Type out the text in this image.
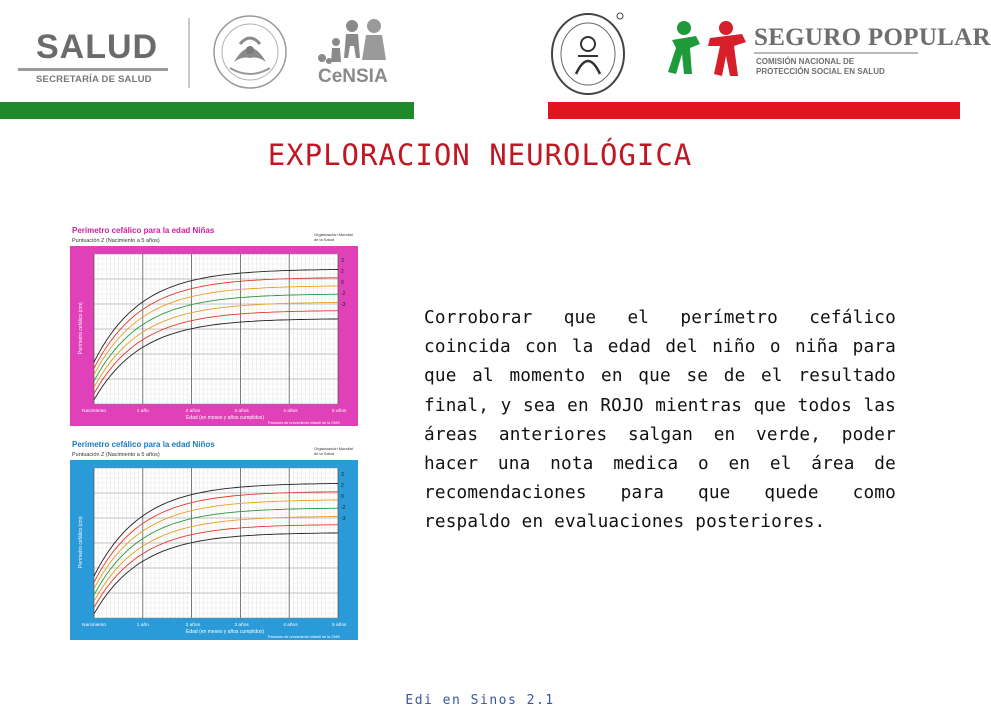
SALUD
SECRETARÍA DE SALUD	CeNSIA
SEGURO POPULAR
COMISIÓN NACIONAL DE
PROTECCIÓN SOCIAL EN SALUD
EXPLORACION NEUROLÓGICA
Perímetro cefálico para la edad Niñas
Puntuación Z (Nacimiento a 5 años)
Organización Mundial de la Salud
3
2
0
-2
-3
Nacimiento	1 año	2 años	3 años	4 años	5 años
Edad (en meses y años cumplidos)
Patrones de crecimiento infantil de la OMS
Perímetro cefálico (cm)
Perímetro cefálico para la edad Niños
Puntuación Z (Nacimiento a 5 años)
Organización Mundial de la Salud
3
2
0
-2
-3
Nacimiento	1 año	2 años	3 años	4 años	5 años
Edad (en meses y años cumplidos)
Patrones de crecimiento infantil de la OMS
Perímetro cefálico (cm)
Corroborar que el perímetro cefálico coincida con la edad del niño o niña para que al momento en que se de el resultado final, y sea en ROJO mientras que todos las áreas anteriores salgan en verde, poder hacer una nota medica o en el área de recomendaciones para que quede como respaldo en evaluaciones posteriores.
Edi en Sinos 2.1
